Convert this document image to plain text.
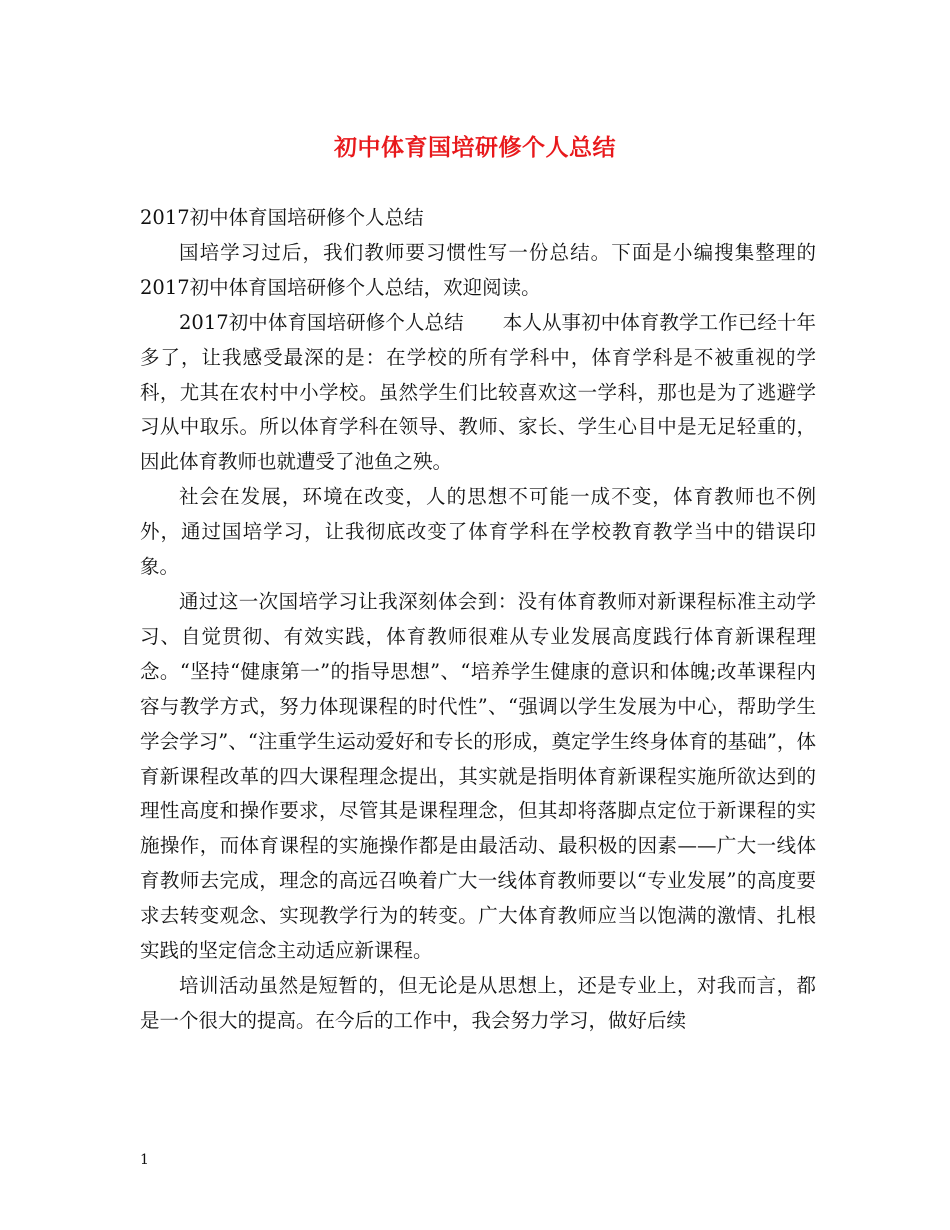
初中体育国培研修个人总结

2017初中体育国培研修个人总结

国培学习过后，我们教师要习惯性写一份总结。下面是小编搜集整理的2017初中体育国培研修个人总结，欢迎阅读。

2017初中体育国培研修个人总结　　本人从事初中体育教学工作已经十年多了，让我感受最深的是：在学校的所有学科中，体育学科是不被重视的学科，尤其在农村中小学校。虽然学生们比较喜欢这一学科，那也是为了逃避学习从中取乐。所以体育学科在领导、教师、家长、学生心目中是无足轻重的，因此体育教师也就遭受了池鱼之殃。

社会在发展，环境在改变，人的思想不可能一成不变，体育教师也不例外，通过国培学习，让我彻底改变了体育学科在学校教育教学当中的错误印象。

通过这一次国培学习让我深刻体会到：没有体育教师对新课程标准主动学习、自觉贯彻、有效实践，体育教师很难从专业发展高度践行体育新课程理念。“坚持“健康第一”的指导思想”、“培养学生健康的意识和体魄;改革课程内容与教学方式，努力体现课程的时代性”、“强调以学生发展为中心，帮助学生学会学习”、“注重学生运动爱好和专长的形成，奠定学生终身体育的基础”，体育新课程改革的四大课程理念提出，其实就是指明体育新课程实施所欲达到的理性高度和操作要求，尽管其是课程理念，但其却将落脚点定位于新课程的实施操作，而体育课程的实施操作都是由最活动、最积极的因素——广大一线体育教师去完成，理念的高远召唤着广大一线体育教师要以“专业发展”的高度要求去转变观念、实现教学行为的转变。广大体育教师应当以饱满的激情、扎根实践的坚定信念主动适应新课程。

培训活动虽然是短暂的，但无论是从思想上，还是专业上，对我而言，都是一个很大的提高。在今后的工作中，我会努力学习，做好后续

1
